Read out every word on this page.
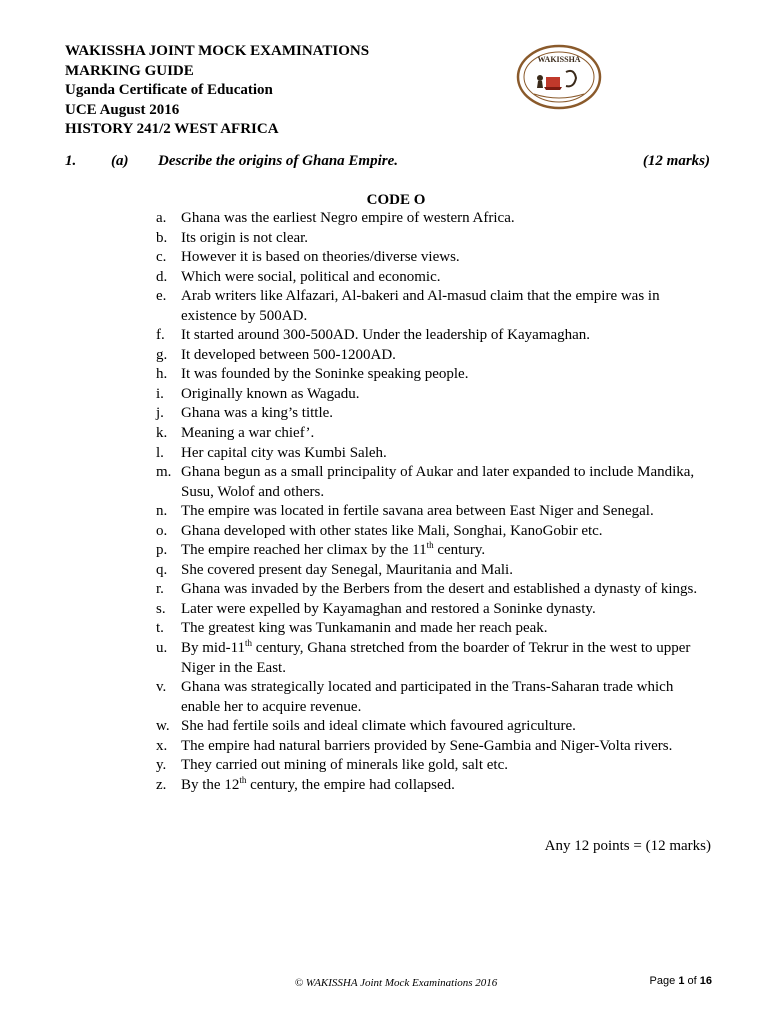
WAKISSHA JOINT MOCK EXAMINATIONS
MARKING GUIDE
Uganda Certificate of Education
UCE August 2016
HISTORY 241/2 WEST AFRICA
WAKISSHA
1. (a) Describe the origins of Ghana Empire.	(12 marks)
CODE O
a. Ghana was the earliest Negro empire of western Africa.
b. Its origin is not clear.
c. However it is based on theories/diverse views.
d. Which were social, political and economic.
e. Arab writers like Alfazari, Al-bakeri and Al-masud claim that the empire was in existence by 500AD.
f. It started around 300-500AD. Under the leadership of Kayamaghan.
g. It developed between 500-1200AD.
h. It was founded by the Soninke speaking people.
i. Originally known as Wagadu.
j. Ghana was a king’s tittle.
k. Meaning a war chief’.
l. Her capital city was Kumbi Saleh.
m. Ghana begun as a small principality of Aukar and later expanded to include Mandika, Susu, Wolof and others.
n. The empire was located in fertile savana area between East Niger and Senegal.
o. Ghana developed with other states like Mali, Songhai, KanoGobir etc.
p. The empire reached her climax by the 11th century.
q. She covered present day Senegal, Mauritania and Mali.
r. Ghana was invaded by the Berbers from the desert and established a dynasty of kings.
s. Later were expelled by Kayamaghan and restored a Soninke dynasty.
t. The greatest king was Tunkamanin and made her reach peak.
u. By mid-11th century, Ghana stretched from the boarder of Tekrur in the west to upper Niger in the East.
v. Ghana was strategically located and participated in the Trans-Saharan trade which enable her to acquire revenue.
w. She had fertile soils and ideal climate which favoured agriculture.
x. The empire had natural barriers provided by Sene-Gambia and Niger-Volta rivers.
y. They carried out mining of minerals like gold, salt etc.
z. By the 12th century, the empire had collapsed.
Any 12 points = (12 marks)
© WAKISSHA Joint Mock Examinations 2016	Page 1 of 16
